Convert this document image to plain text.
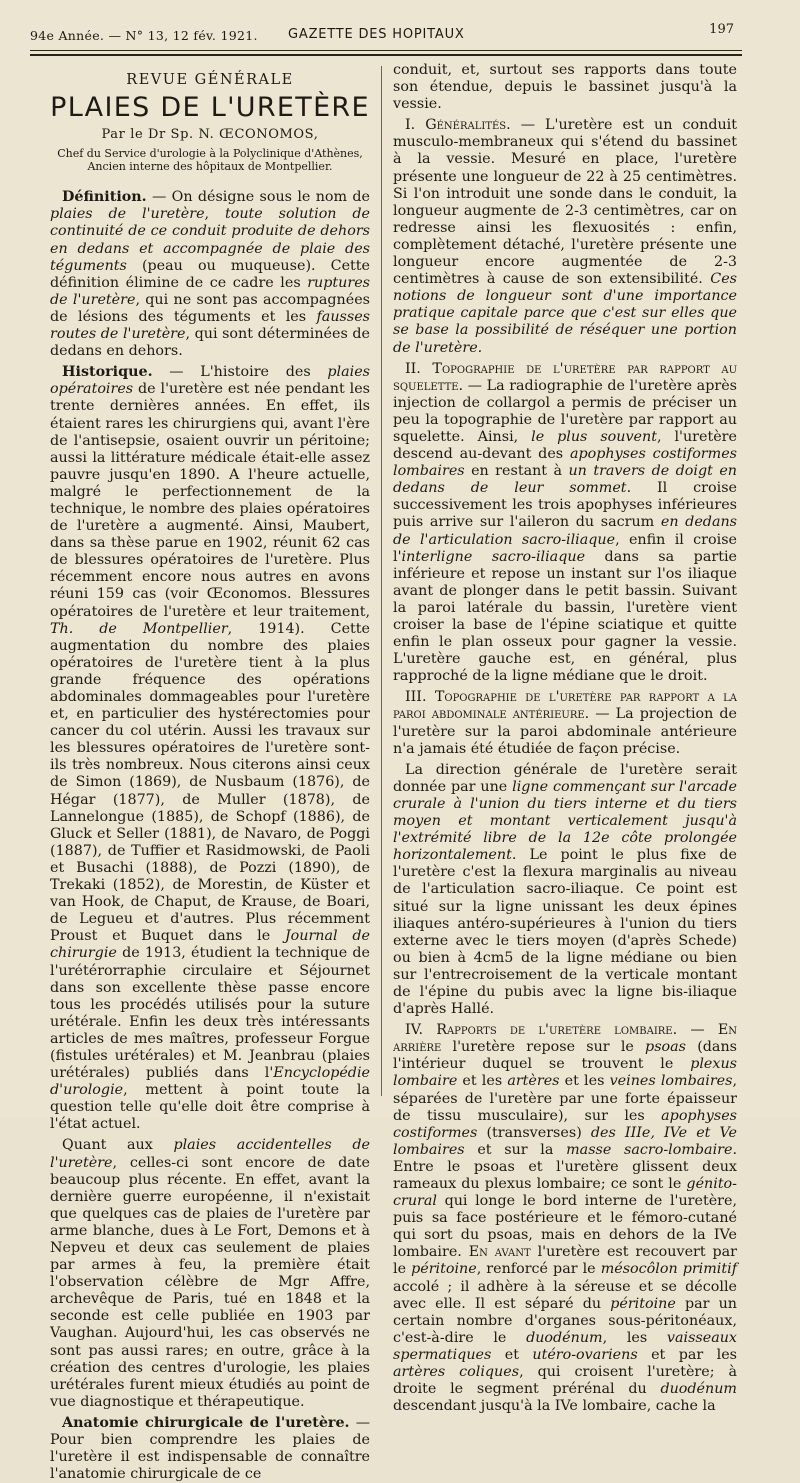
94e Année. — N° 13, 12 fév. 1921. GAZETTE DES HOPITAUX	197
REVUE GÉNÉRALE
PLAIES DE L'URETÈRE
Par le Dr Sp. N. ŒCONOMOS,
Chef du Service d'urologie à la Polyclinique d'Athènes,
Ancien interne des hôpitaux de Montpellier.

Définition. — On désigne sous le nom de plaies de l'uretère, toute solution de continuité de ce conduit produite de dehors en dedans et accompagnée de plaie des téguments (peau ou muqueuse). Cette définition élimine de ce cadre les ruptures de l'uretère, qui ne sont pas accompagnées de lésions des téguments et les fausses routes de l'uretère, qui sont déterminées de dedans en dehors.

Historique. — L'histoire des plaies opératoires de l'uretère est née pendant les trente dernières années. En effet, ils étaient rares les chirurgiens qui, avant l'ère de l'antisepsie, osaient ouvrir un péritoine; aussi la littérature médicale était-elle assez pauvre jusqu'en 1890. A l'heure actuelle, malgré le perfectionnement de la technique, le nombre des plaies opératoires de l'uretère a augmenté. Ainsi, Maubert, dans sa thèse parue en 1902, réunit 62 cas de blessures opératoires de l'uretère. Plus récemment encore nous autres en avons réuni 159 cas (voir Œconomos. Blessures opératoires de l'uretère et leur traitement, Th. de Montpellier, 1914). Cette augmentation du nombre des plaies opératoires de l'uretère tient à la plus grande fréquence des opérations abdominales dommageables pour l'uretère et, en particulier des hystérectomies pour cancer du col utérin. Aussi les travaux sur les blessures opératoires de l'uretère sont-ils très nombreux. Nous citerons ainsi ceux de Simon (1869), de Nusbaum (1876), de Hégar (1877), de Muller (1878), de Lannelongue (1885), de Schopf (1886), de Gluck et Seller (1881), de Navaro, de Poggi (1887), de Tuffier et Rasidmowski, de Paoli et Busachi (1888), de Pozzi (1890), de Trekaki (1852), de Morestin, de Küster et van Hook, de Chaput, de Krause, de Boari, de Legueu et d'autres. Plus récemment Proust et Buquet dans le Journal de chirurgie de 1913, étudient la technique de l'urétérorraphie circulaire et Séjournet dans son excellente thèse passe encore tous les procédés utilisés pour la suture urétérale. Enfin les deux très intéressants articles de mes maîtres, professeur Forgue (fistules urétérales) et M. Jeanbrau (plaies urétérales) publiés dans l'Encyclopédie d'urologie, mettent à point toute la question telle qu'elle doit être comprise à l'état actuel.

Quant aux plaies accidentelles de l'uretère, celles-ci sont encore de date beaucoup plus récente. En effet, avant la dernière guerre européenne, il n'existait que quelques cas de plaies de l'uretère par arme blanche, dues à Le Fort, Demons et à Nepveu et deux cas seulement de plaies par armes à feu, la première était l'observation célèbre de Mgr Affre, archevêque de Paris, tué en 1848 et la seconde est celle publiée en 1903 par Vaughan. Aujourd'hui, les cas observés ne sont pas aussi rares; en outre, grâce à la création des centres d'urologie, les plaies urétérales furent mieux étudiés au point de vue diagnostique et thérapeutique.

Anatomie chirurgicale de l'uretère. — Pour bien comprendre les plaies de l'uretère il est indispensable de connaître l'anatomie chirurgicale de ce

conduit, et, surtout ses rapports dans toute son étendue, depuis le bassinet jusqu'à la vessie.

I. Généralités. — L'uretère est un conduit musculo-membraneux qui s'étend du bassinet à la vessie. Mesuré en place, l'uretère présente une longueur de 22 à 25 centimètres. Si l'on introduit une sonde dans le conduit, la longueur augmente de 2-3 centimètres, car on redresse ainsi les flexuosités : enfin, complètement détaché, l'uretère présente une longueur encore augmentée de 2-3 centimètres à cause de son extensibilité. Ces notions de longueur sont d'une importance pratique capitale parce que c'est sur elles que se base la possibilité de réséquer une portion de l'uretère.

II. Topographie de l'uretère par rapport au squelette. — La radiographie de l'uretère après injection de collargol a permis de préciser un peu la topographie de l'uretère par rapport au squelette. Ainsi, le plus souvent, l'uretère descend au-devant des apophyses costiformes lombaires en restant à un travers de doigt en dedans de leur sommet. Il croise successivement les trois apophyses inférieures puis arrive sur l'aileron du sacrum en dedans de l'articulation sacro-iliaque, enfin il croise l'interligne sacro-iliaque dans sa partie inférieure et repose un instant sur l'os iliaque avant de plonger dans le petit bassin. Suivant la paroi latérale du bassin, l'uretère vient croiser la base de l'épine sciatique et quitte enfin le plan osseux pour gagner la vessie. L'uretère gauche est, en général, plus rapproché de la ligne médiane que le droit.

III. Topographie de l'uretère par rapport a la paroi abdominale antérieure. — La projection de l'uretère sur la paroi abdominale antérieure n'a jamais été étudiée de façon précise.

La direction générale de l'uretère serait donnée par une ligne commençant sur l'arcade crurale à l'union du tiers interne et du tiers moyen et montant verticalement jusqu'à l'extrémité libre de la 12e côte prolongée horizontalement. Le point le plus fixe de l'uretère c'est la flexura marginalis au niveau de l'articulation sacro-iliaque. Ce point est situé sur la ligne unissant les deux épines iliaques antéro-supérieures à l'union du tiers externe avec le tiers moyen (d'après Schede) ou bien à 4cm5 de la ligne médiane ou bien sur l'entrecroisement de la verticale montant de l'épine du pubis avec la ligne bis-iliaque d'après Hallé.

IV. Rapports de l'uretère lombaire. — En arrière l'uretère repose sur le psoas (dans l'intérieur duquel se trouvent le plexus lombaire et les artères et les veines lombaires, séparées de l'uretère par une forte épaisseur de tissu musculaire), sur les apophyses costiformes (transverses) des IIIe, IVe et Ve lombaires et sur la masse sacro-lombaire. Entre le psoas et l'uretère glissent deux rameaux du plexus lombaire; ce sont le génito-crural qui longe le bord interne de l'uretère, puis sa face postérieure et le fémoro-cutané qui sort du psoas, mais en dehors de la IVe lombaire. En avant l'uretère est recouvert par le péritoine, renforcé par le mésocôlon primitif accolé ; il adhère à la séreuse et se décolle avec elle. Il est séparé du péritoine par un certain nombre d'organes sous-péritonéaux, c'est-à-dire le duodénum, les vaisseaux spermatiques et utéro-ovariens et par les artères coliques, qui croisent l'uretère; à droite le segment prérénal du duodénum descendant jusqu'à la IVe lombaire, cache la
